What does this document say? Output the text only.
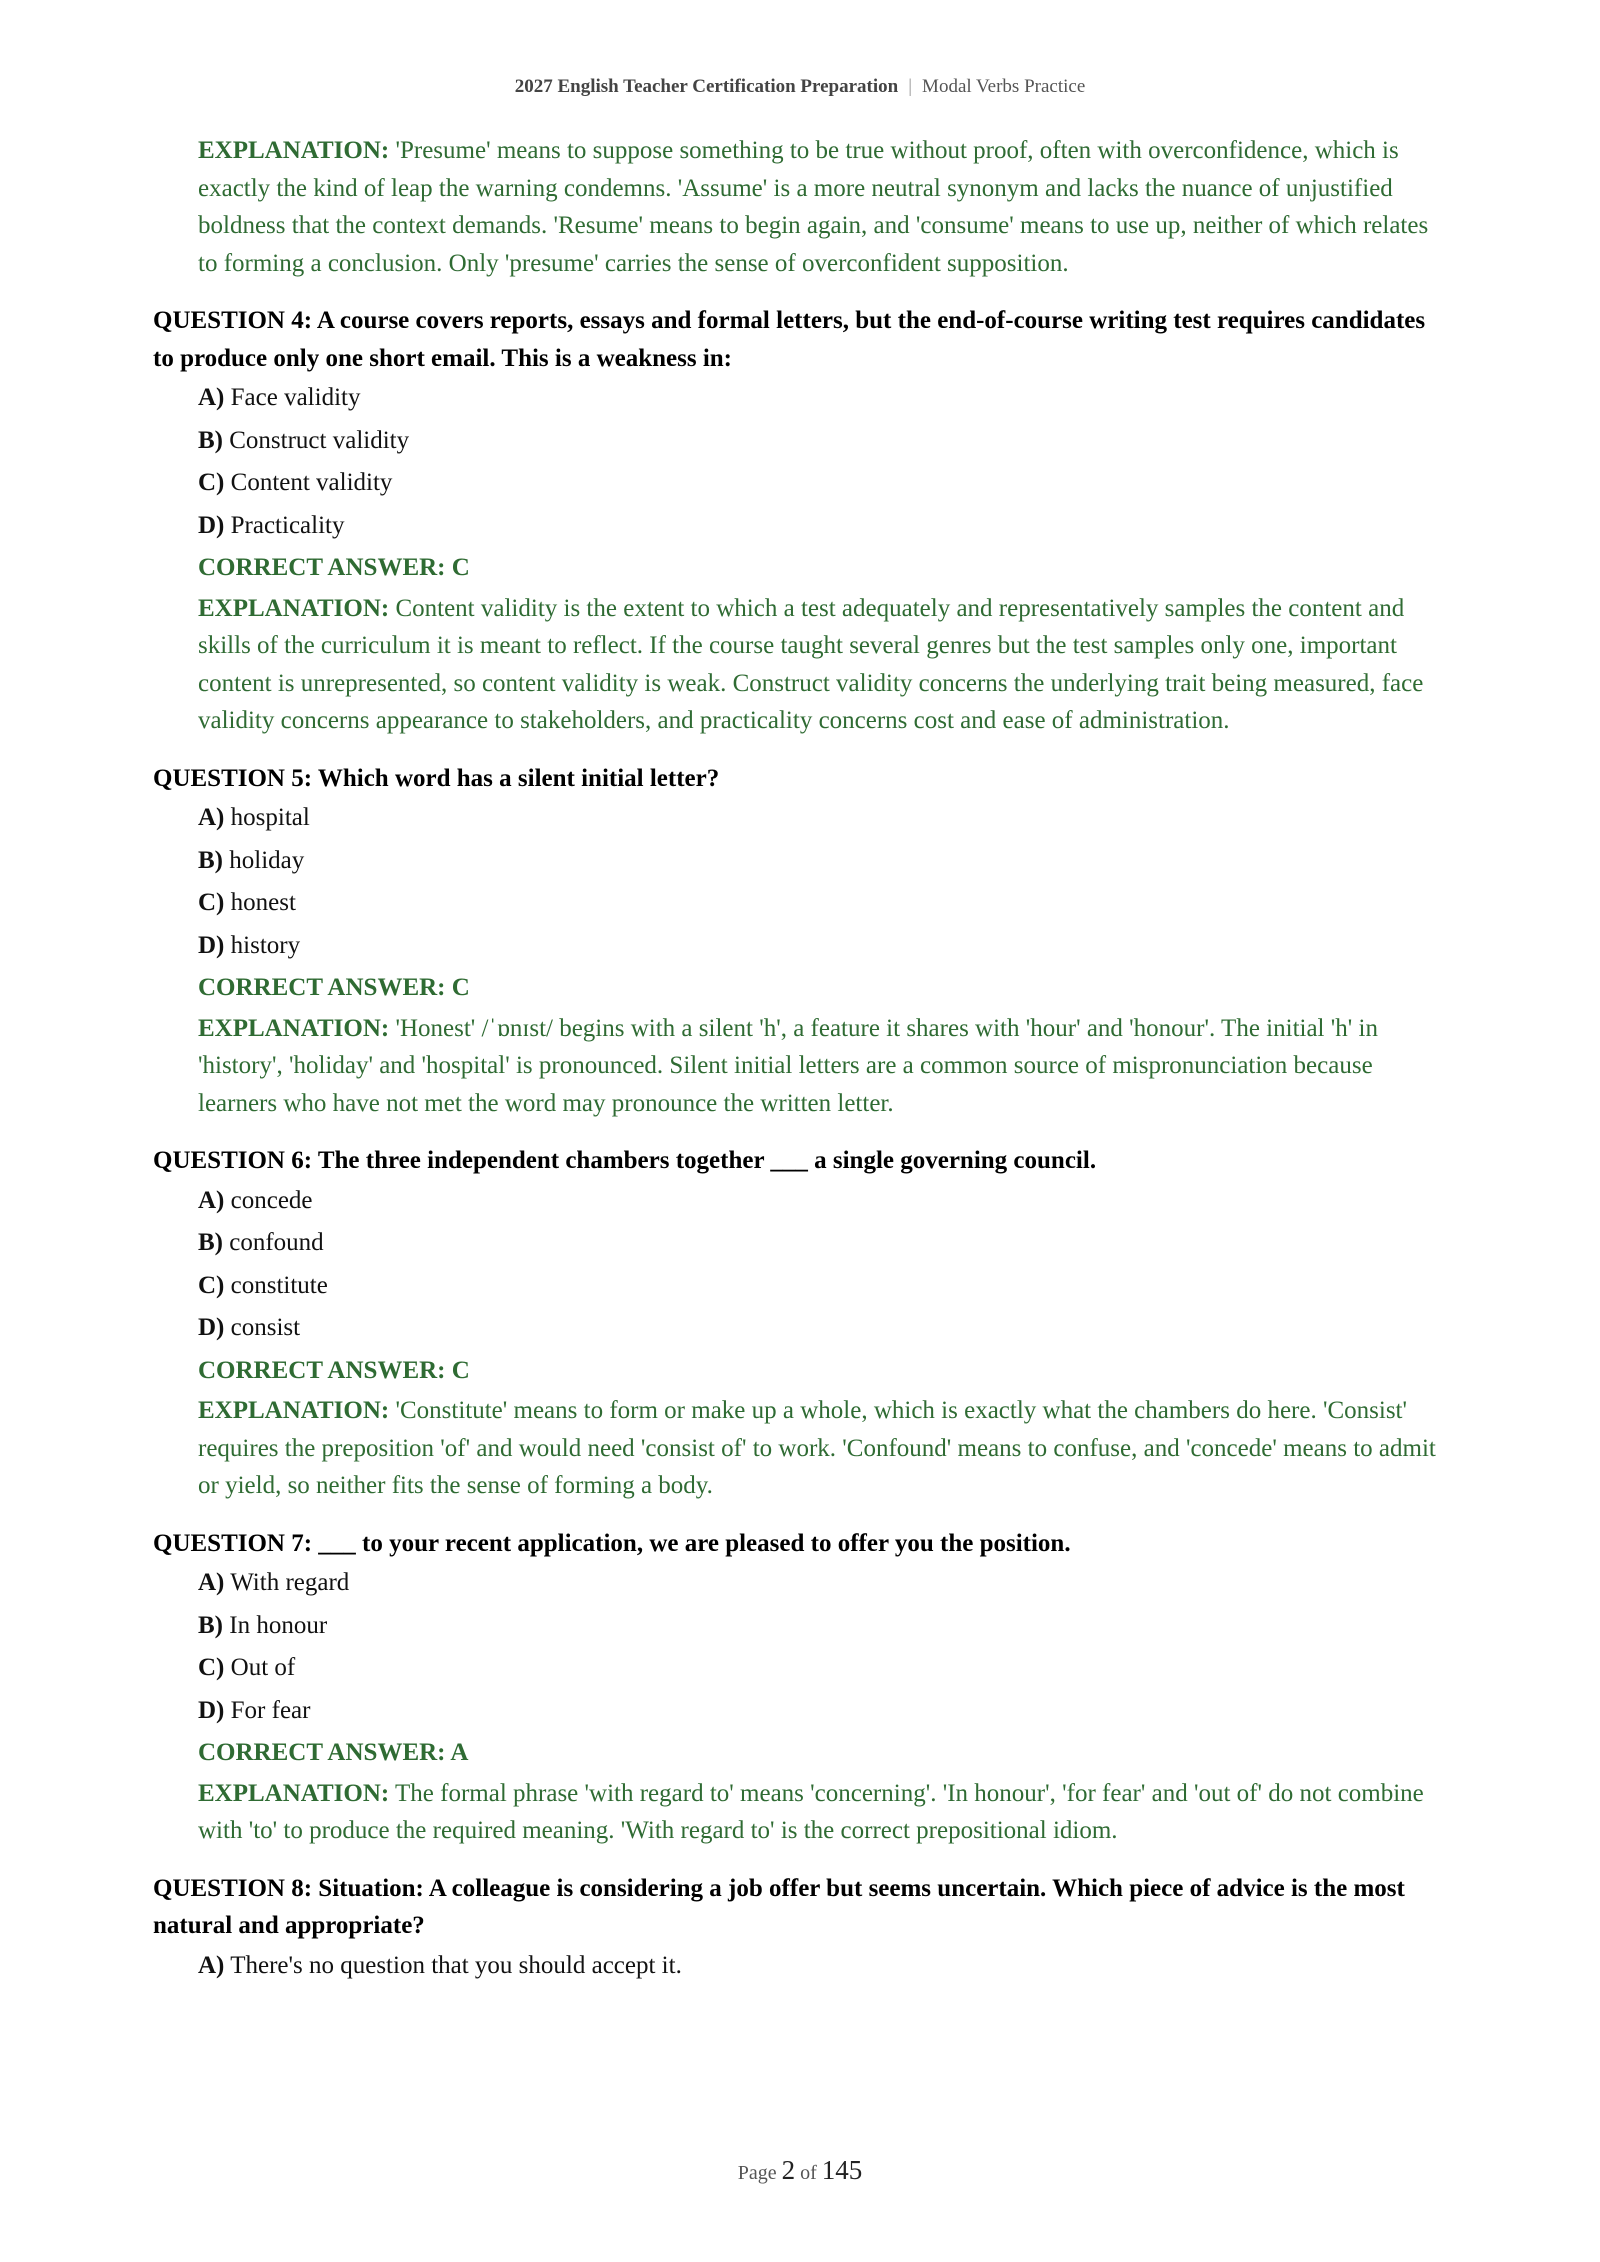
2027 English Teacher Certification Preparation | Modal Verbs Practice
EXPLANATION: 'Presume' means to suppose something to be true without proof, often with overconfidence, which is exactly the kind of leap the warning condemns. 'Assume' is a more neutral synonym and lacks the nuance of unjustified boldness that the context demands. 'Resume' means to begin again, and 'consume' means to use up, neither of which relates to forming a conclusion. Only 'presume' carries the sense of overconfident supposition.
QUESTION 4: A course covers reports, essays and formal letters, but the end-of-course writing test requires candidates to produce only one short email. This is a weakness in:
A) Face validity
B) Construct validity
C) Content validity
D) Practicality
CORRECT ANSWER: C
EXPLANATION: Content validity is the extent to which a test adequately and representatively samples the content and skills of the curriculum it is meant to reflect. If the course taught several genres but the test samples only one, important content is unrepresented, so content validity is weak. Construct validity concerns the underlying trait being measured, face validity concerns appearance to stakeholders, and practicality concerns cost and ease of administration.
QUESTION 5: Which word has a silent initial letter?
A) hospital
B) holiday
C) honest
D) history
CORRECT ANSWER: C
EXPLANATION: 'Honest' /ˈɒnɪst/ begins with a silent 'h', a feature it shares with 'hour' and 'honour'. The initial 'h' in 'history', 'holiday' and 'hospital' is pronounced. Silent initial letters are a common source of mispronunciation because learners who have not met the word may pronounce the written letter.
QUESTION 6: The three independent chambers together ___ a single governing council.
A) concede
B) confound
C) constitute
D) consist
CORRECT ANSWER: C
EXPLANATION: 'Constitute' means to form or make up a whole, which is exactly what the chambers do here. 'Consist' requires the preposition 'of' and would need 'consist of' to work. 'Confound' means to confuse, and 'concede' means to admit or yield, so neither fits the sense of forming a body.
QUESTION 7: ___ to your recent application, we are pleased to offer you the position.
A) With regard
B) In honour
C) Out of
D) For fear
CORRECT ANSWER: A
EXPLANATION: The formal phrase 'with regard to' means 'concerning'. 'In honour', 'for fear' and 'out of' do not combine with 'to' to produce the required meaning. 'With regard to' is the correct prepositional idiom.
QUESTION 8: Situation: A colleague is considering a job offer but seems uncertain. Which piece of advice is the most natural and appropriate?
A) There's no question that you should accept it.
Page 2 of 145
